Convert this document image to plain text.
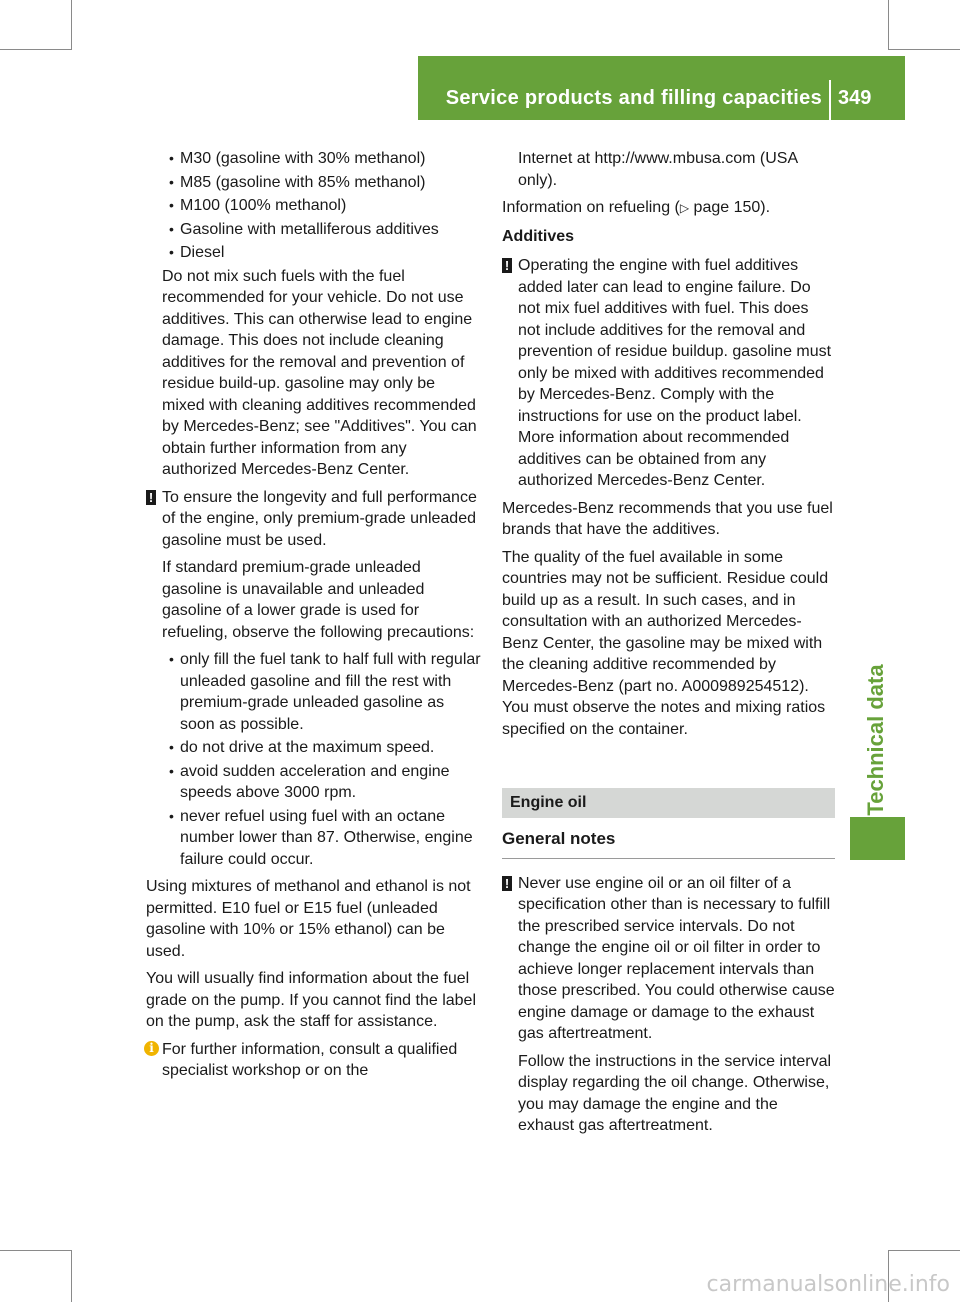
Service products and filling capacities 349
Technical data
• M30 (gasoline with 30% methanol)
• M85 (gasoline with 85% methanol)
• M100 (100% methanol)
• Gasoline with metalliferous additives
• Diesel

Do not mix such fuels with the fuel recommended for your vehicle. Do not use additives. This can otherwise lead to engine damage. This does not include cleaning additives for the removal and prevention of residue build-up. gasoline may only be mixed with cleaning additives recommended by Mercedes-Benz; see "Additives". You can obtain further information from any authorized Mercedes-Benz Center.

! To ensure the longevity and full performance of the engine, only premium-grade unleaded gasoline must be used.

If standard premium-grade unleaded gasoline is unavailable and unleaded gasoline of a lower grade is used for refueling, observe the following precautions:

• only fill the fuel tank to half full with regular unleaded gasoline and fill the rest with premium-grade unleaded gasoline as soon as possible.
• do not drive at the maximum speed.
• avoid sudden acceleration and engine speeds above 3000 rpm.
• never refuel using fuel with an octane number lower than 87. Otherwise, engine failure could occur.

Using mixtures of methanol and ethanol is not permitted. E10 fuel or E15 fuel (unleaded gasoline with 10% or 15% ethanol) can be used.

You will usually find information about the fuel grade on the pump. If you cannot find the label on the pump, ask the staff for assistance.

i For further information, consult a qualified specialist workshop or on the

Internet at http://www.mbusa.com (USA only).

Information on refueling (▷ page 150).

Additives
! Operating the engine with fuel additives added later can lead to engine failure. Do not mix fuel additives with fuel. This does not include additives for the removal and prevention of residue buildup. gasoline must only be mixed with additives recommended by Mercedes-Benz. Comply with the instructions for use on the product label. More information about recommended additives can be obtained from any authorized Mercedes-Benz Center.

Mercedes-Benz recommends that you use fuel brands that have the additives.

The quality of the fuel available in some countries may not be sufficient. Residue could build up as a result. In such cases, and in consultation with an authorized Mercedes-Benz Center, the gasoline may be mixed with the cleaning additive recommended by Mercedes-Benz (part no. A000989254512). You must observe the notes and mixing ratios specified on the container.

Engine oil
General notes
! Never use engine oil or an oil filter of a specification other than is necessary to fulfill the prescribed service intervals. Do not change the engine oil or oil filter in order to achieve longer replacement intervals than those prescribed. You could otherwise cause engine damage or damage to the exhaust gas aftertreatment.

Follow the instructions in the service interval display regarding the oil change. Otherwise, you may damage the engine and the exhaust gas aftertreatment.

carmanualsonline.info
